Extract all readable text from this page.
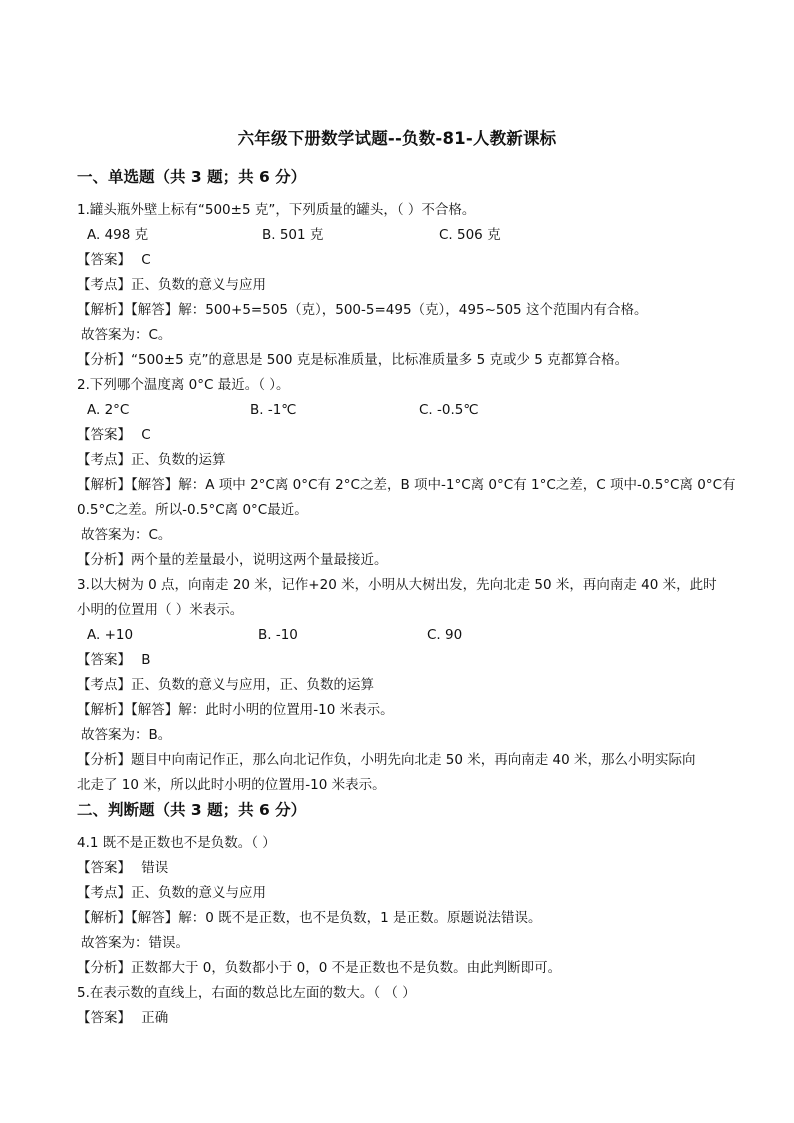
六年级下册数学试题--负数-81-人教新课标
一、单选题（共 3 题；共 6 分）
1.罐头瓶外壁上标有“500±5 克”，下列质量的罐头，（ ）不合格。
A. 498 克	B. 501 克	C. 506 克
【答案】 C
【考点】正、负数的意义与应用
【解析】【解答】解：500+5=505（克），500-5=495（克），495~505 这个范围内有合格。
故答案为：C。
【分析】“500±5 克”的意思是 500 克是标准质量，比标准质量多 5 克或少 5 克都算合格。
2.下列哪个温度离 0°C 最近。（ ）。
A. 2°C	B. -1℃	C. -0.5℃
【答案】 C
【考点】正、负数的运算
【解析】【解答】解：A 项中 2°C离 0°C有 2°C之差，B 项中-1°C离 0°C有 1°C之差，C 项中-0.5°C离 0°C有
0.5°C之差。所以-0.5°C离 0°C最近。
故答案为：C。
【分析】两个量的差量最小，说明这两个量最接近。
3.以大树为 0 点，向南走 20 米，记作+20 米，小明从大树出发，先向北走 50 米，再向南走 40 米，此时
小明的位置用（ ）米表示。
A. +10	B. -10	C. 90
【答案】 B
【考点】正、负数的意义与应用，正、负数的运算
【解析】【解答】解：此时小明的位置用-10 米表示。
故答案为：B。
【分析】题目中向南记作正，那么向北记作负，小明先向北走 50 米，再向南走 40 米，那么小明实际向
北走了 10 米，所以此时小明的位置用-10 米表示。
二、判断题（共 3 题；共 6 分）
4.1 既不是正数也不是负数。（ ）
【答案】 错误
【考点】正、负数的意义与应用
【解析】【解答】解：0 既不是正数，也不是负数，1 是正数。原题说法错误。
故答案为：错误。
【分析】正数都大于 0，负数都小于 0，0 不是正数也不是负数。由此判断即可。
5.在表示数的直线上，右面的数总比左面的数大。（ （ ）
【答案】 正确
